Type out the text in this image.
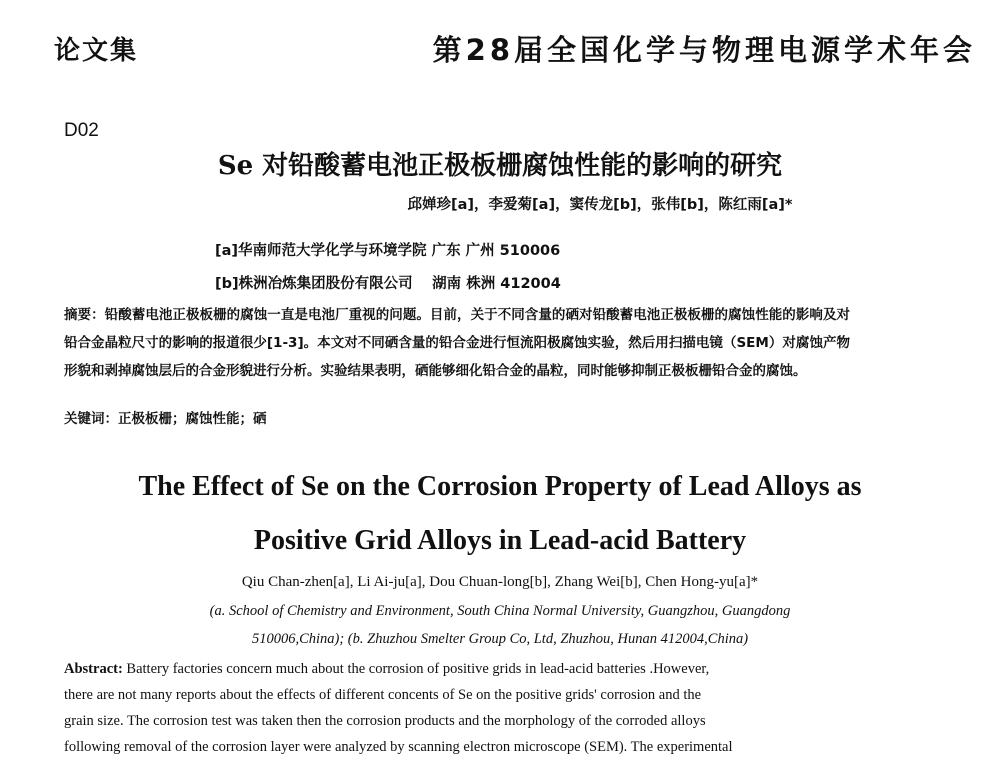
论文集	第28届全国化学与物理电源学术年会
D02
Se 对铅酸蓄电池正极板栅腐蚀性能的影响的研究
邱婵珍[a]，李爱菊[a]，窦传龙[b]，张伟[b]，陈红雨[a]*
[a]华南师范大学化学与环境学院 广东 广州 510006
[b]株洲冶炼集团股份有限公司　 湖南 株洲 412004

摘要：铅酸蓄电池正极板栅的腐蚀一直是电池厂重视的问题。目前，关于不同含量的硒对铅酸蓄电池正极板栅的腐蚀性能的影响及对铅合金晶粒尺寸的影响的报道很少[1-3]。本文对不同硒含量的铅合金进行恒流阳极腐蚀实验，然后用扫描电镜（SEM）对腐蚀产物形貌和剥掉腐蚀层后的合金形貌进行分析。实验结果表明，硒能够细化铅合金的晶粒，同时能够抑制正极板栅铅合金的腐蚀。

关键词：正极板栅；腐蚀性能；硒
The Effect of Se on the Corrosion Property of Lead Alloys as
Positive Grid Alloys in Lead-acid Battery
Qiu Chan-zhen[a], Li Ai-ju[a], Dou Chuan-long[b], Zhang Wei[b], Chen Hong-yu[a]*
(a. School of Chemistry and Environment, South China Normal University, Guangzhou, Guangdong
510006,China); (b. Zhuzhou Smelter Group Co, Ltd, Zhuzhou, Hunan 412004,China)
Abstract: Battery factories concern much about the corrosion of positive grids in lead-acid batteries .However,
there are not many reports about the effects of different concents of Se on the positive grids' corrosion and the
grain size. The corrosion test was taken then the corrosion products and the morphology of the corroded alloys
following removal of the corrosion layer were analyzed by scanning electron microscope (SEM). The experimental
